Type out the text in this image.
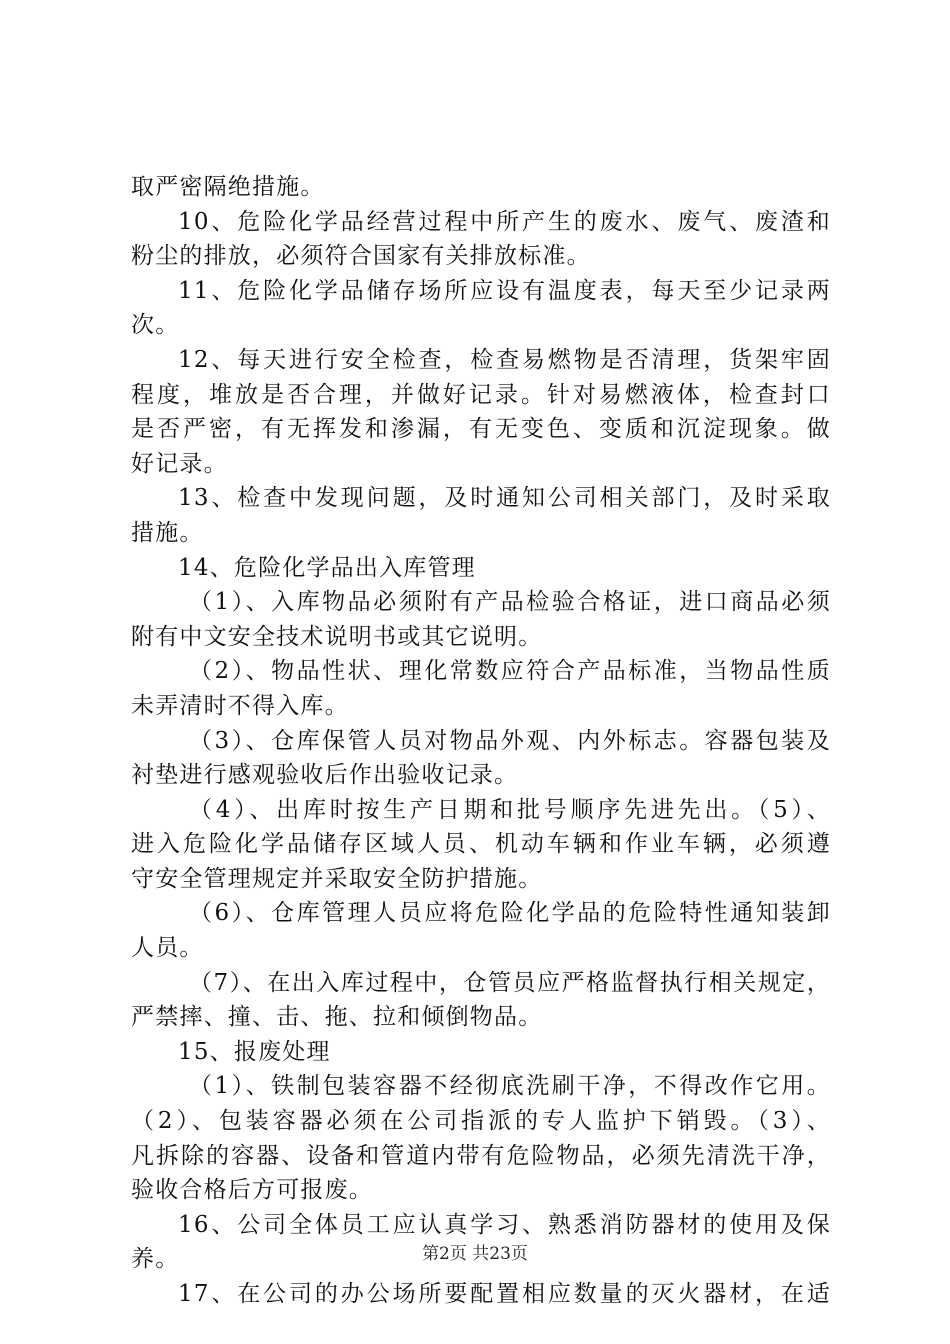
取严密隔绝措施。
10、危险化学品经营过程中所产生的废水、废气、废渣和
粉尘的排放，必须符合国家有关排放标准。
11、危险化学品储存场所应设有温度表，每天至少记录两
次。
12、每天进行安全检查，检查易燃物是否清理，货架牢固
程度，堆放是否合理，并做好记录。针对易燃液体，检查封口
是否严密，有无挥发和渗漏，有无变色、变质和沉淀现象。做
好记录。
13、检查中发现问题，及时通知公司相关部门，及时采取
措施。
14、危险化学品出入库管理
（1）、入库物品必须附有产品检验合格证，进口商品必须
附有中文安全技术说明书或其它说明。
（2）、物品性状、理化常数应符合产品标准，当物品性质
未弄清时不得入库。
（3）、仓库保管人员对物品外观、内外标志。容器包装及
衬垫进行感观验收后作出验收记录。
（4）、出库时按生产日期和批号顺序先进先出。（5）、
进入危险化学品储存区域人员、机动车辆和作业车辆，必须遵
守安全管理规定并采取安全防护措施。
（6）、仓库管理人员应将危险化学品的危险特性通知装卸
人员。
（7）、在出入库过程中，仓管员应严格监督执行相关规定，
严禁摔、撞、击、拖、拉和倾倒物品。
15、报废处理
（1）、铁制包装容器不经彻底洗刷干净，不得改作它用。
（2）、包装容器必须在公司指派的专人监护下销毁。（3）、
凡拆除的容器、设备和管道内带有危险物品，必须先清洗干净，
验收合格后方可报废。
16、公司全体员工应认真学习、熟悉消防器材的使用及保
养。
17、在公司的办公场所要配置相应数量的灭火器材，在适
第2页 共23页
